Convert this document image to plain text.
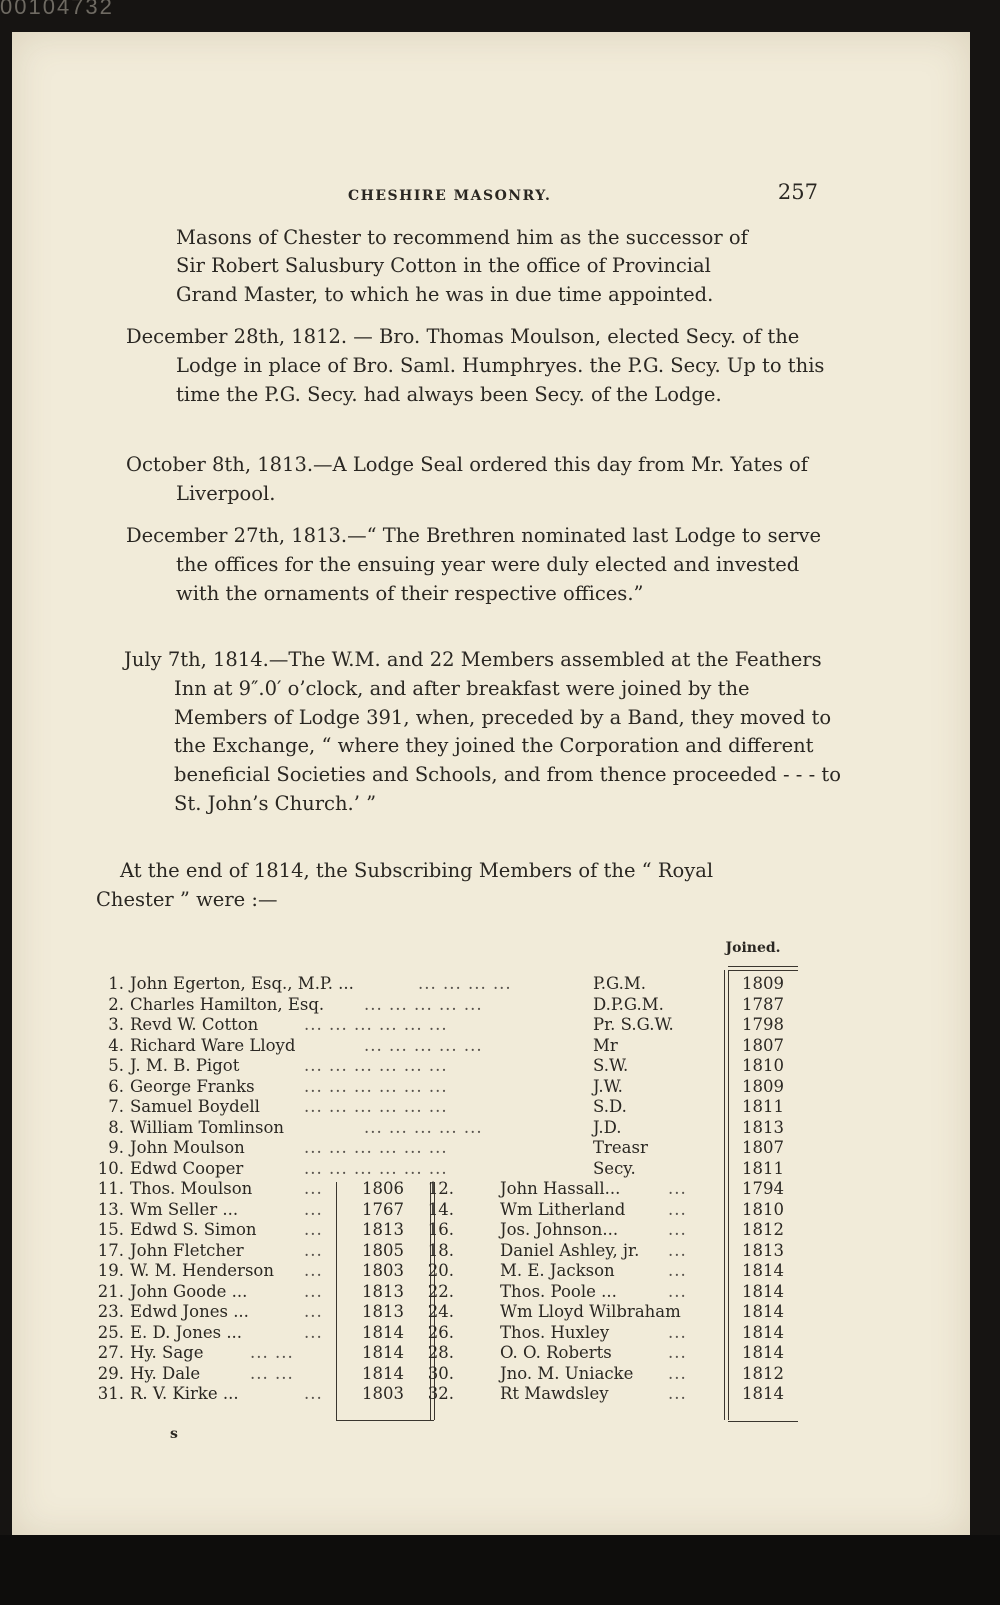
00104732
CHESHIRE MASONRY.	257

Masons of Chester to recommend him as the successor of

Sir Robert Salusbury Cotton in the office of Provincial

Grand Master, to which he was in due time appointed.

December 28th, 1812. — Bro. Thomas Moulson, elected Secy. of the Lodge in place of Bro. Saml. Humphryes. the P.G. Secy. Up to this time the P.G. Secy. had always been Secy. of the Lodge.
October 8th, 1813.—A Lodge Seal ordered this day from Mr. Yates of Liverpool.
December 27th, 1813.—“ The Brethren nominated last Lodge to serve the offices for the ensuing year were duly elected and invested with the ornaments of their respective offices.”
July 7th, 1814.—The W.M. and 22 Members assembled at the Feathers Inn at 9″.0′ o’clock, and after breakfast were joined by the Members of Lodge 391, when, preceded by a Band, they moved to the Exchange, “ where they joined the Corporation and different beneficial Societies and Schools, and from thence proceeded - - - to St. John’s Church.’ ”

At the end of 1814, the Subscribing Members of the “ Royal Chester ” were :—

Joined.
1. John Egerton, Esq., M.P. ...	... ... ... ...	P.G.M.	1809
2. Charles Hamilton, Esq. ... ... ... ... ...	D.P.G.M.	1787
3. Revd W. Cotton	... ... ... ... ... ...	Pr. S.G.W.	1798
4. Richard Ware Lloyd	... ... ... ... ...	Mr	1807
5. J. M. B. Pigot	... ... ... ... ... ...	S.W.	1810
6. George Franks	... ... ... ... ... ...	J.W.	1809
7. Samuel Boydell	... ... ... ... ... ...	S.D.	1811
8. William Tomlinson	... ... ... ... ...	J.D.	1813
9. John Moulson	... ... ... ... ... ...	Treasr	1807
10. Edwd Cooper	... ... ... ... ... ...	Secy.	1811
11. Thos. Moulson	...	1806	12.	John Hassall...	...	1794
13. Wm Seller ...	...	1767	14.	Wm Litherland	...	1810
15. Edwd S. Simon	...	1813	16.	Jos. Johnson...	...	1812
17. John Fletcher	...	1805	18.	Daniel Ashley, jr. ...	1813
19. W. M. Henderson ...	1803	20.	M. E. Jackson	...	1814
21. John Goode ...	...	1813	22.	Thos. Poole ...	...	1814
23. Edwd Jones ...	...	1813	24.	Wm Lloyd Wilbraham	1814
25. E. D. Jones ...	...	1814	26.	Thos. Huxley	...	1814
27. Hy. Sage	... ...	1814	28.	O. O. Roberts	...	1814
29. Hy. Dale	... ...	1814	30.	Jno. M. Uniacke ...	1812
31. R. V. Kirke ...	...	1803	32.	Rt Mawdsley	...	1814
s
